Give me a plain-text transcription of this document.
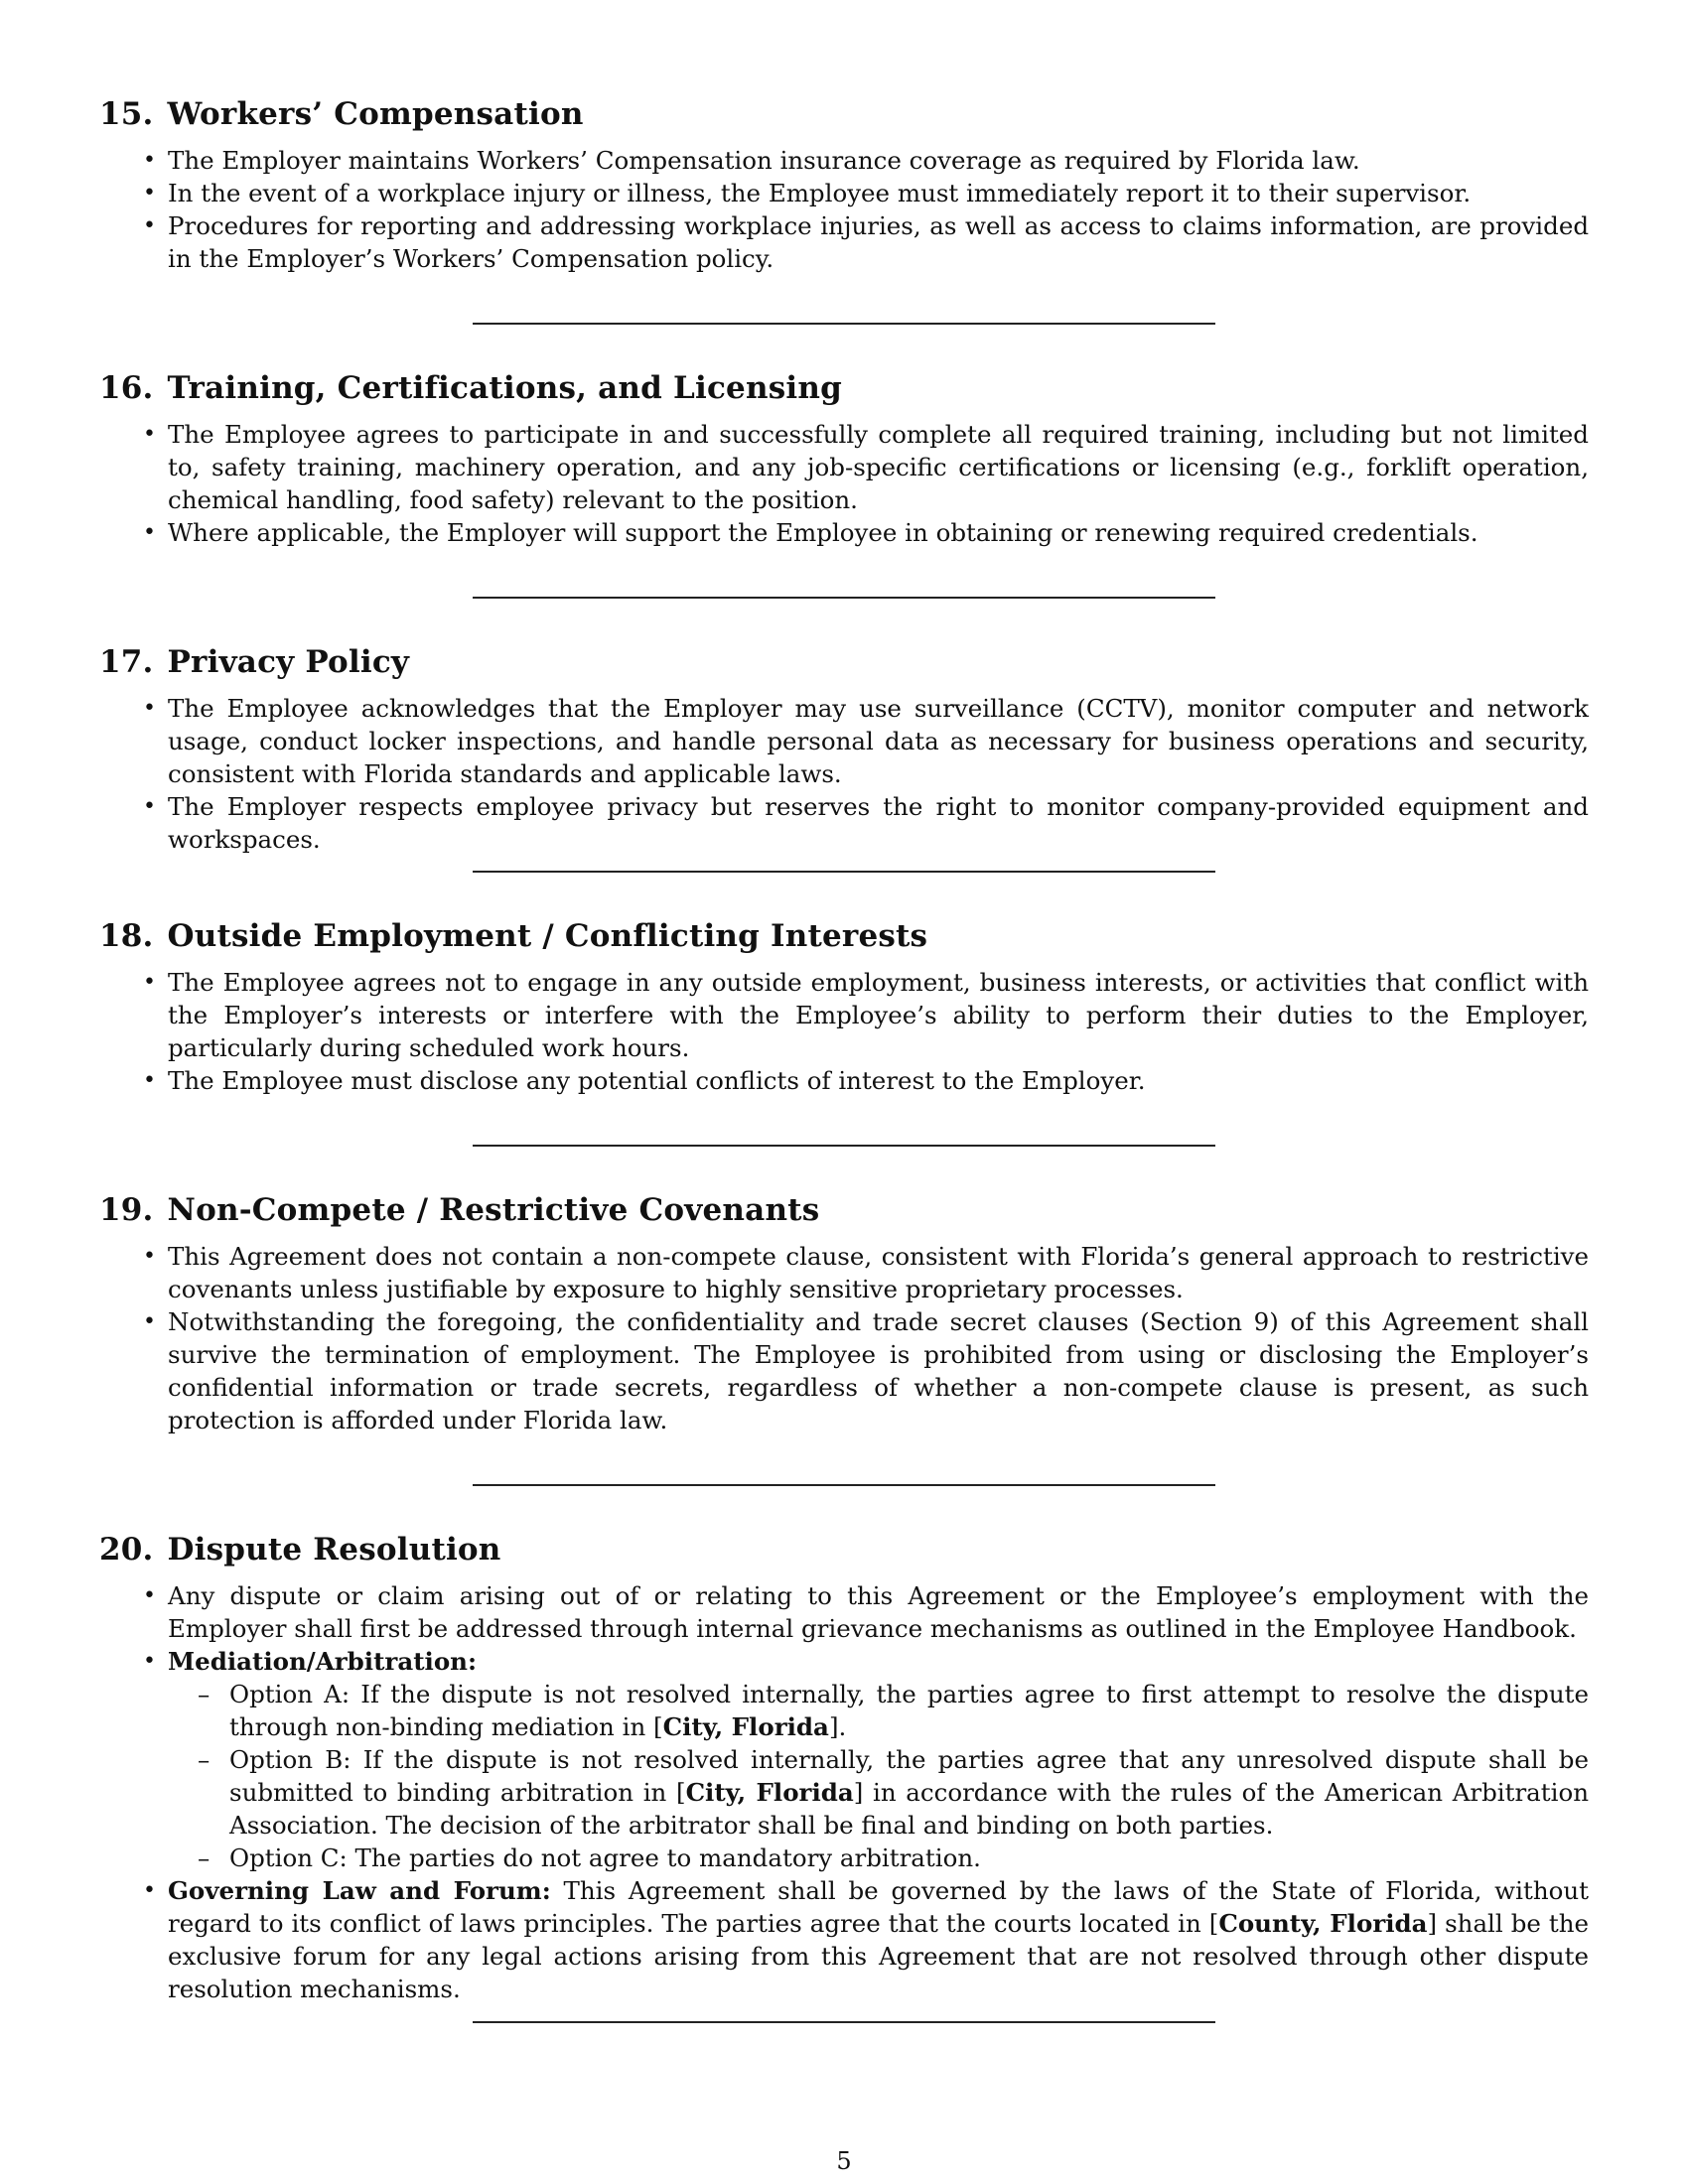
15. Workers’ Compensation
• The Employer maintains Workers’ Compensation insurance coverage as required by Florida law.
• In the event of a workplace injury or illness, the Employee must immediately report it to their supervisor.
• Procedures for reporting and addressing workplace injuries, as well as access to claims information, are provided in the Employer’s Workers’ Compensation policy.
16. Training, Certifications, and Licensing
• The Employee agrees to participate in and successfully complete all required training, including but not limited to, safety training, machinery operation, and any job-specific certifications or licensing (e.g., forklift operation, chemical handling, food safety) relevant to the position.
• Where applicable, the Employer will support the Employee in obtaining or renewing required credentials.
17. Privacy Policy
• The Employee acknowledges that the Employer may use surveillance (CCTV), monitor computer and network usage, conduct locker inspections, and handle personal data as necessary for business operations and security, consistent with Florida standards and applicable laws.
• The Employer respects employee privacy but reserves the right to monitor company-provided equipment and workspaces.
18. Outside Employment / Conflicting Interests
• The Employee agrees not to engage in any outside employment, business interests, or activities that conflict with the Employer’s interests or interfere with the Employee’s ability to perform their duties to the Employer, particularly during scheduled work hours.
• The Employee must disclose any potential conflicts of interest to the Employer.
19. Non-Compete / Restrictive Covenants
• This Agreement does not contain a non-compete clause, consistent with Florida’s general approach to restrictive covenants unless justifiable by exposure to highly sensitive proprietary processes.
• Notwithstanding the foregoing, the confidentiality and trade secret clauses (Section 9) of this Agreement shall survive the termination of employment. The Employee is prohibited from using or disclosing the Employer’s confidential information or trade secrets, regardless of whether a non-compete clause is present, as such protection is afforded under Florida law.
20. Dispute Resolution
• Any dispute or claim arising out of or relating to this Agreement or the Employee’s employment with the Employer shall first be addressed through internal grievance mechanisms as outlined in the Employee Handbook.
• Mediation/Arbitration:
– Option A: If the dispute is not resolved internally, the parties agree to first attempt to resolve the dispute through non-binding mediation in [City, Florida].
– Option B: If the dispute is not resolved internally, the parties agree that any unresolved dispute shall be submitted to binding arbitration in [City, Florida] in accordance with the rules of the American Arbitration Association. The decision of the arbitrator shall be final and binding on both parties.
– Option C: The parties do not agree to mandatory arbitration.
• Governing Law and Forum: This Agreement shall be governed by the laws of the State of Florida, without regard to its conflict of laws principles. The parties agree that the courts located in [County, Florida] shall be the exclusive forum for any legal actions arising from this Agreement that are not resolved through other dispute resolution mechanisms.
5
